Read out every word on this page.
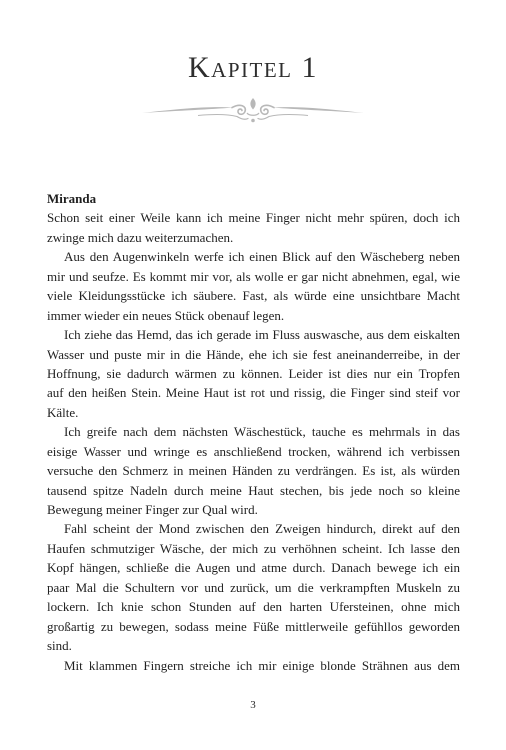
Kapitel 1
Miranda
Schon seit einer Weile kann ich meine Finger nicht mehr spüren, doch ich
zwinge mich dazu weiterzumachen.
Aus den Augenwinkeln werfe ich einen Blick auf den Wäscheberg neben
mir und seufze. Es kommt mir vor, als wolle er gar nicht abnehmen, egal, wie
viele Kleidungsstücke ich säubere. Fast, als würde eine unsichtbare Macht
immer wieder ein neues Stück obenauf legen.
Ich ziehe das Hemd, das ich gerade im Fluss auswasche, aus dem eiskalten
Wasser und puste mir in die Hände, ehe ich sie fest aneinanderreibe, in der
Hoffnung, sie dadurch wärmen zu können. Leider ist dies nur ein Tropfen
auf den heißen Stein. Meine Haut ist rot und rissig, die Finger sind steif vor
Kälte.
Ich greife nach dem nächsten Wäschestück, tauche es mehrmals in das
eisige Wasser und wringe es anschließend trocken, während ich verbissen
versuche den Schmerz in meinen Händen zu verdrängen. Es ist, als würden
tausend spitze Nadeln durch meine Haut stechen, bis jede noch so kleine
Bewegung meiner Finger zur Qual wird.
Fahl scheint der Mond zwischen den Zweigen hindurch, direkt auf den
Haufen schmutziger Wäsche, der mich zu verhöhnen scheint. Ich lasse den
Kopf hängen, schließe die Augen und atme durch. Danach bewege ich ein
paar Mal die Schultern vor und zurück, um die verkrampften Muskeln zu
lockern. Ich knie schon Stunden auf den harten Ufersteinen, ohne mich
großartig zu bewegen, sodass meine Füße mittlerweile gefühllos geworden
sind.
Mit klammen Fingern streiche ich mir einige blonde Strähnen aus dem
3
